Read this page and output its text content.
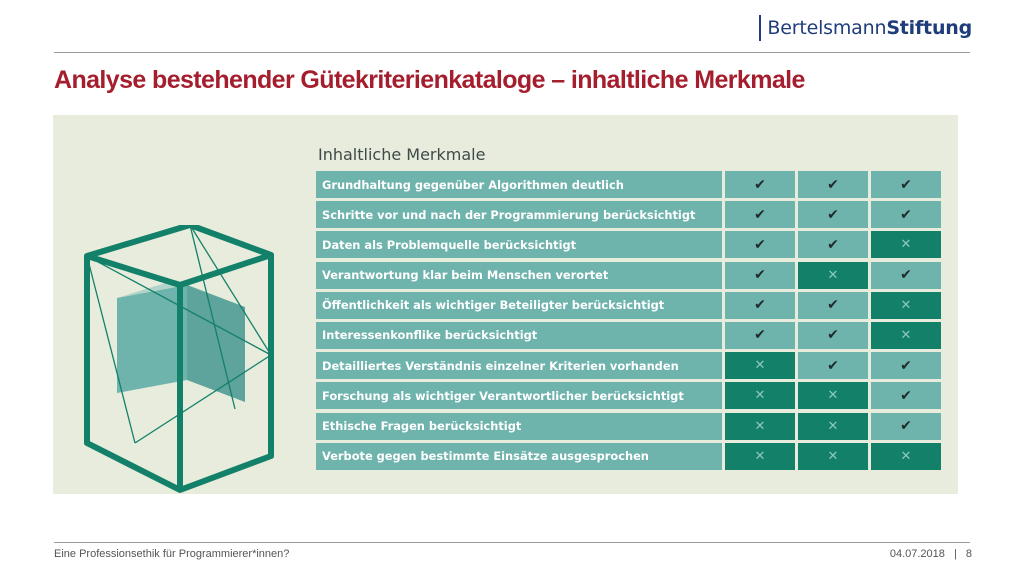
BertelsmannStiftung
Analyse bestehender Gütekriterienkataloge – inhaltliche Merkmale
Inhaltliche Merkmale
Grundhaltung gegenüber Algorithmen deutlich	✔	✔	✔
Schritte vor und nach der Programmierung berücksichtigt	✔	✔	✔
Daten als Problemquelle berücksichtigt	✔	✔	✕
Verantwortung klar beim Menschen verortet	✔	✕	✔
Öffentlichkeit als wichtiger Beteiligter berücksichtigt	✔	✔	✕
Interessenkonflike berücksichtigt	✔	✔	✕
Detailliertes Verständnis einzelner Kriterien vorhanden	✕	✔	✔
Forschung als wichtiger Verantwortlicher berücksichtigt	✕	✕	✔
Ethische Fragen berücksichtigt	✕	✕	✔
Verbote gegen bestimmte Einsätze ausgesprochen	✕	✕	✕
Eine Professionsethik für Programmierer*innen?	04.07.2018 | 8
